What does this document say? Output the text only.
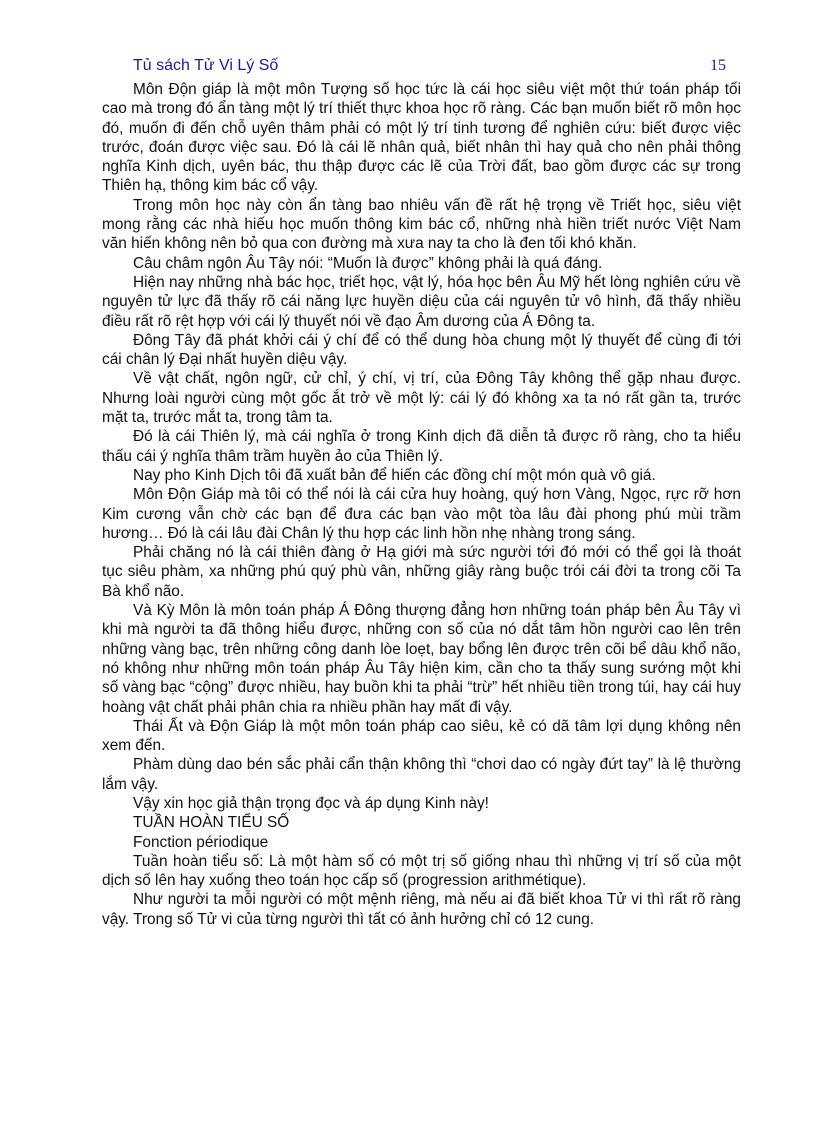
Tủ sách Tử Vi Lý Số	15

Môn Độn giáp là một môn Tượng số học tức là cái học siêu việt một thứ toán pháp tối cao mà trong đó ẩn tàng một lý trí thiết thực khoa học rõ ràng. Các bạn muốn biết rõ môn học đó, muốn đi đến chỗ uyên thâm phải có một lý trí tinh tương để nghiên cứu: biết được việc trước, đoán được việc sau. Đó là cái lẽ nhân quả, biết nhân thì hay quả cho nên phải thông nghĩa Kinh dịch, uyên bác, thu thập được các lẽ của Trời đất, bao gồm được các sự trong Thiên hạ, thông kim bác cổ vậy.

Trong môn học này còn ẩn tàng bao nhiêu vấn đề rất hệ trọng về Triết học, siêu việt mong rằng các nhà hiếu học muốn thông kim bác cổ, những nhà hiền triết nước Việt Nam văn hiến không nên bỏ qua con đường mà xưa nay ta cho là đen tối khó khăn.

Câu châm ngôn Âu Tây nói: “Muốn là được” không phải là quá đáng.

Hiện nay những nhà bác học, triết học, vật lý, hóa học bên Âu Mỹ hết lòng nghiên cứu về nguyên tử lực đã thấy rõ cái năng lực huyền diệu của cái nguyên tử vô hình, đã thấy nhiều điều rất rõ rệt hợp với cái lý thuyết nói về đạo Âm dương của Á Đông ta.

Đông Tây đã phát khởi cái ý chí để có thể dung hòa chung một lý thuyết để cùng đi tới cái chân lý Đại nhất huyền diệu vậy.

Về vật chất, ngôn ngữ, cử chỉ, ý chí, vị trí, của Đông Tây không thể gặp nhau được. Nhưng loài người cùng một gốc ắt trở về một lý: cái lý đó không xa ta nó rất gần ta, trước mặt ta, trước mắt ta, trong tâm ta.

Đó là cái Thiên lý, mà cái nghĩa ở trong Kinh dịch đã diễn tả được rõ ràng, cho ta hiểu thấu cái ý nghĩa thâm trầm huyền ảo của Thiên lý.

Nay pho Kinh Dịch tôi đã xuất bản để hiến các đồng chí một món quà vô giá.

Môn Độn Giáp mà tôi có thể nói là cái cửa huy hoàng, quý hơn Vàng, Ngọc, rực rỡ hơn Kim cương vẫn chờ các bạn để đưa các bạn vào một tòa lâu đài phong phú mùi trầm hương… Đó là cái lâu đài Chân lý thu hợp các linh hồn nhẹ nhàng trong sáng.

Phải chăng nó là cái thiên đàng ở Hạ giới mà sức người tới đó mới có thể gọi là thoát tục siêu phàm, xa những phú quý phù vân, những giây ràng buộc trói cái đời ta trong cõi Ta Bà khổ não.

Và Kỳ Môn là môn toán pháp Á Đông thượng đẳng hơn những toán pháp bên Âu Tây vì khi mà người ta đã thông hiểu được, những con số của nó dắt tâm hồn người cao lên trên những vàng bạc, trên những công danh lòe loẹt, bay bổng lên được trên cõi bể dâu khổ não, nó không như những môn toán pháp Âu Tây hiện kim, cần cho ta thấy sung sướng một khi số vàng bạc “cộng” được nhiều, hay buồn khi ta phải “trừ” hết nhiều tiền trong túi, hay cái huy hoàng vật chất phải phân chia ra nhiều phần hay mất đi vậy.

Thái Ất và Độn Giáp là một môn toán pháp cao siêu, kẻ có dã tâm lợi dụng không nên xem đến.

Phàm dùng dao bén sắc phải cẩn thận không thì “chơi dao có ngày đứt tay” là lệ thường lắm vậy.

Vậy xin học giả thận trọng đọc và áp dụng Kinh này!

TUẦN HOÀN TIỂU SỐ

Fonction périodique

Tuần hoàn tiểu số: Là một hàm số có một trị số giống nhau thì những vị trí số của một dịch số lên hay xuống theo toán học cấp số (progression arithmétique).

Như người ta mỗi người có một mệnh riêng, mà nếu ai đã biết khoa Tử vi thì rất rõ ràng vậy. Trong số Tử vi của từng người thì tất có ảnh hưởng chỉ có 12 cung.
